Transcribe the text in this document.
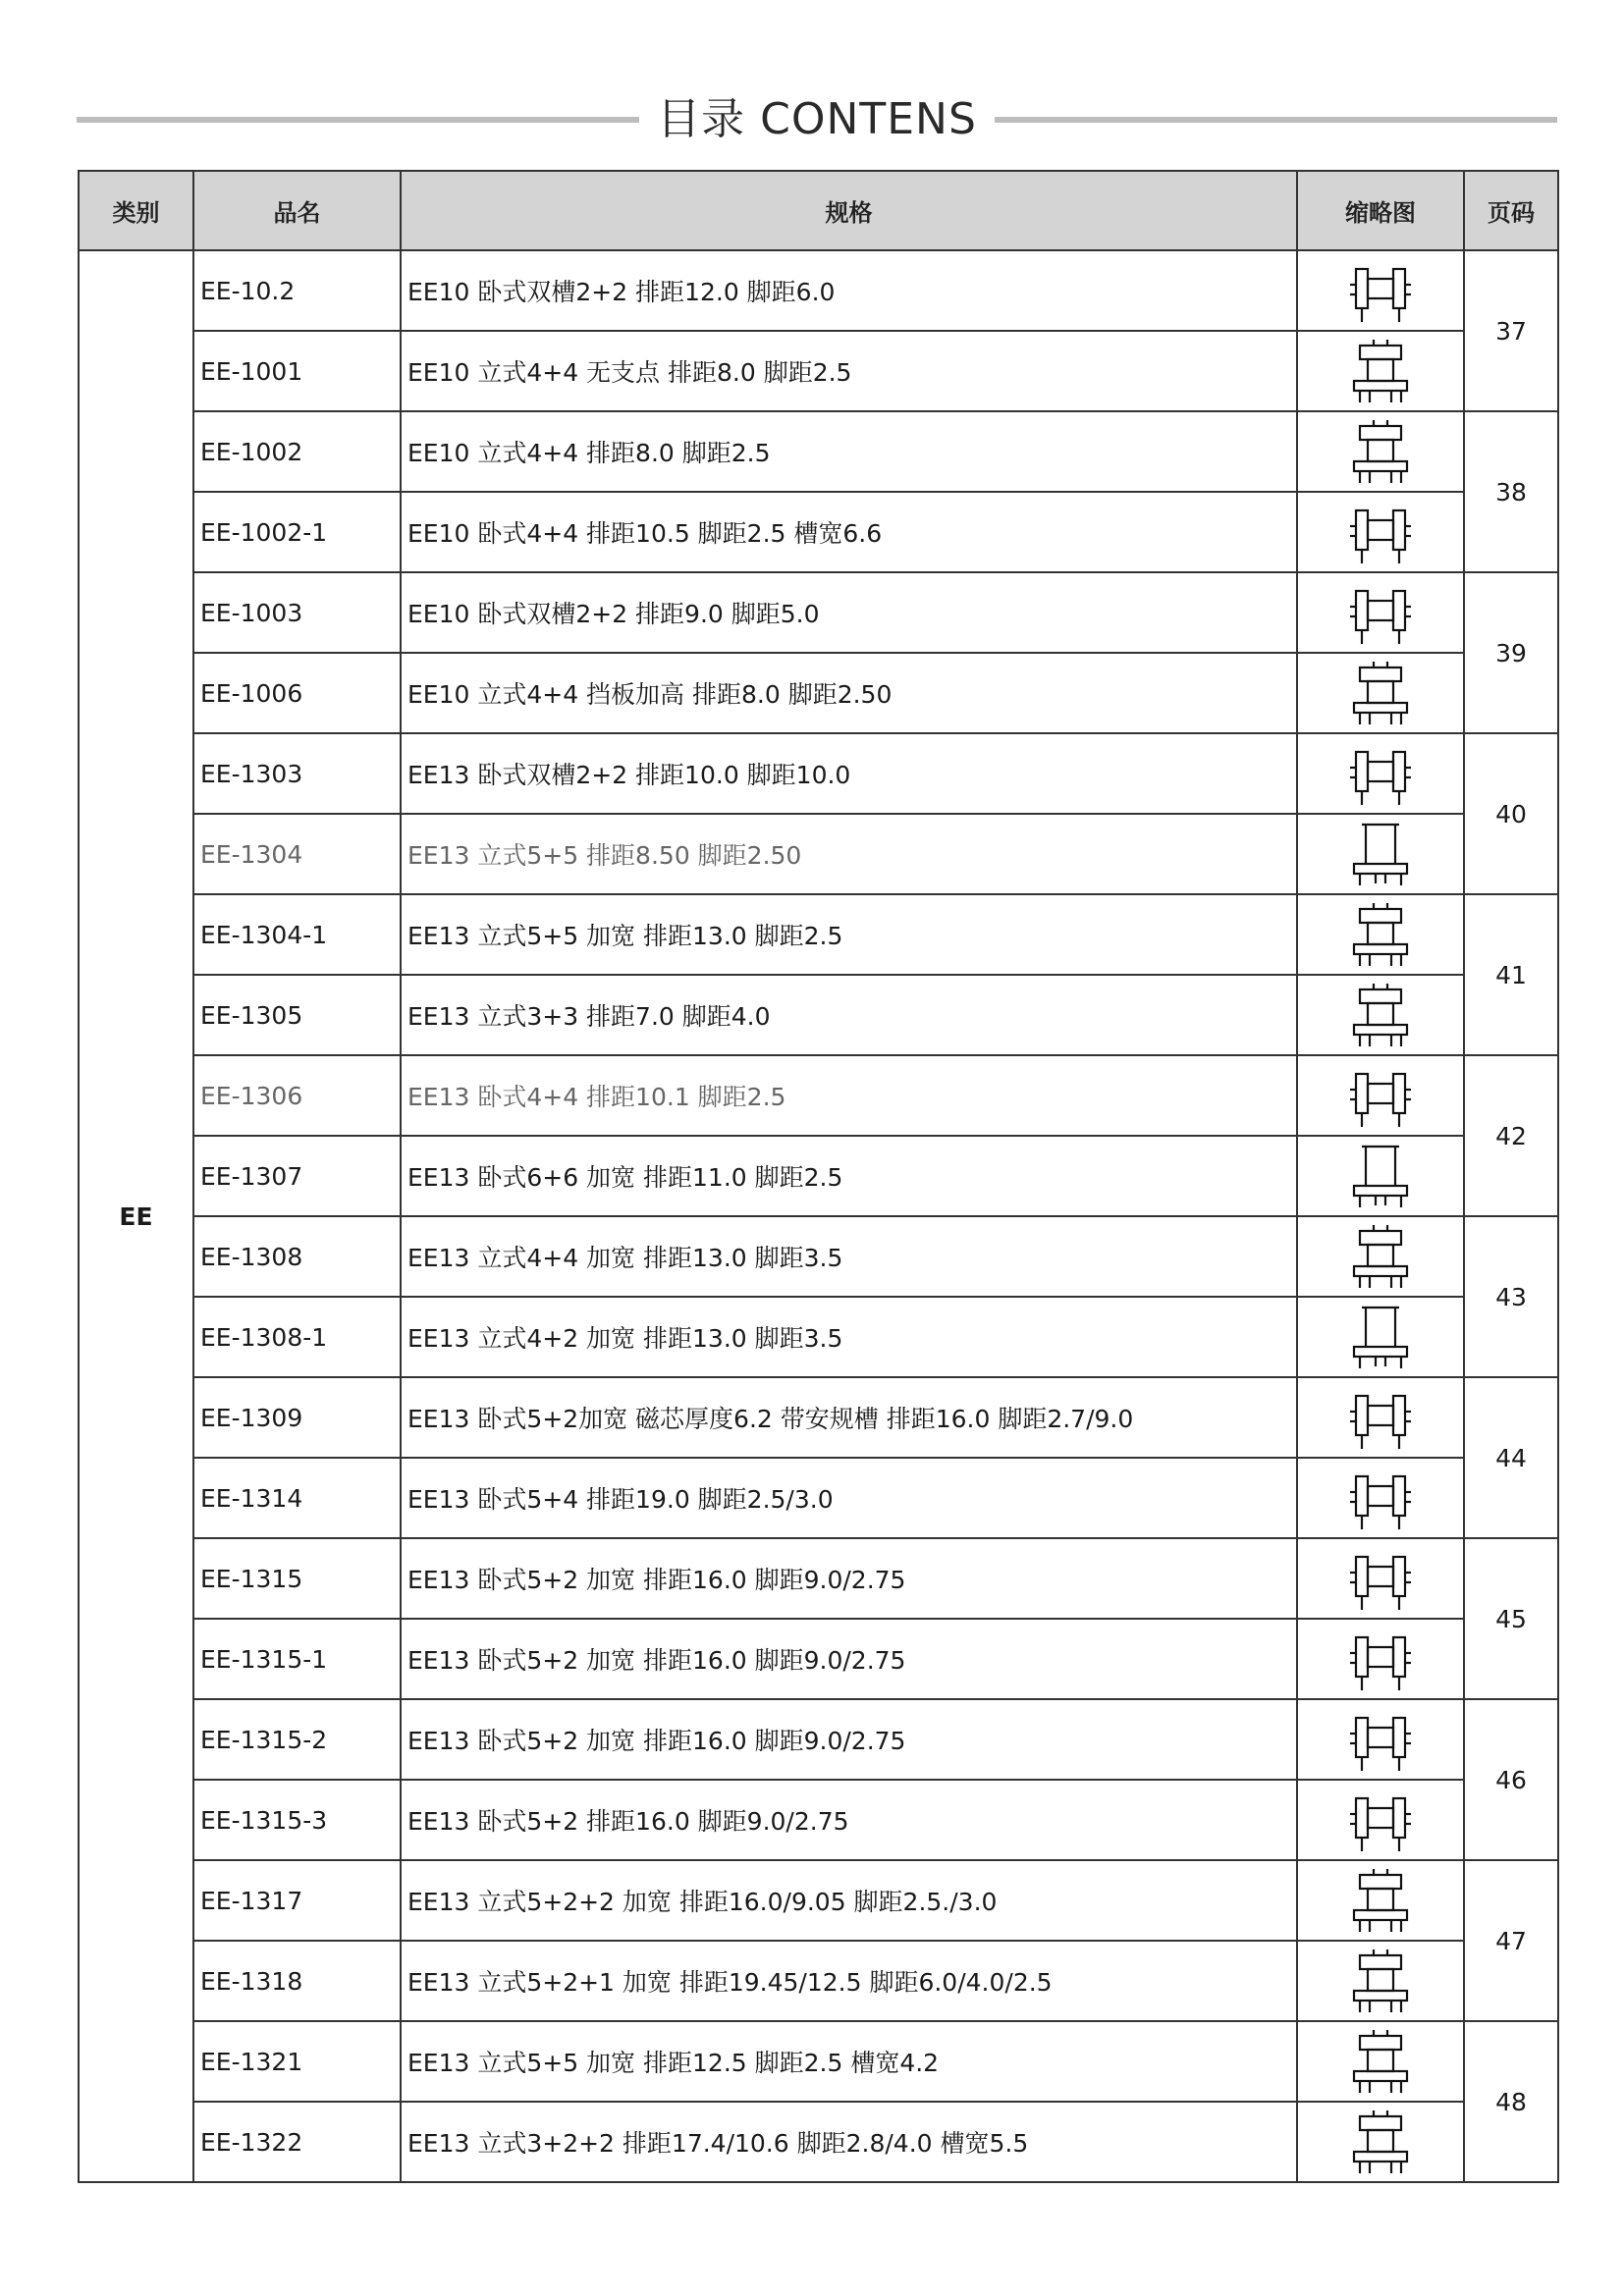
目录 CONTENS
类别	品名	规格	缩略图	页码
EE	EE-10.2	EE10 卧式双槽2+2 排距12.0 脚距6.0		37
	EE-1001	EE10 立式4+4 无支点 排距8.0 脚距2.5	

	EE-1002	EE10 立式4+4 排距8.0 脚距2.5		38
	EE-1002-1	EE10 卧式4+4 排距10.5 脚距2.5 槽宽6.6	

	EE-1003	EE10 卧式双槽2+2 排距9.0 脚距5.0		39
	EE-1006	EE10 立式4+4 挡板加高 排距8.0 脚距2.50	

	EE-1303	EE13 卧式双槽2+2 排距10.0 脚距10.0		40
	EE-1304	EE13 立式5+5 排距8.50 脚距2.50	

	EE-1304-1	EE13 立式5+5 加宽 排距13.0 脚距2.5		41
	EE-1305	EE13 立式3+3 排距7.0 脚距4.0	

	EE-1306	EE13 卧式4+4 排距10.1 脚距2.5		42
	EE-1307	EE13 卧式6+6 加宽 排距11.0 脚距2.5	

	EE-1308	EE13 立式4+4 加宽 排距13.0 脚距3.5		43
	EE-1308-1	EE13 立式4+2 加宽 排距13.0 脚距3.5	

	EE-1309	EE13 卧式5+2加宽 磁芯厚度6.2 带安规槽 排距16.0 脚距2.7/9.0		44
	EE-1314	EE13 卧式5+4 排距19.0 脚距2.5/3.0	

	EE-1315	EE13 卧式5+2 加宽 排距16.0 脚距9.0/2.75		45
	EE-1315-1	EE13 卧式5+2 加宽 排距16.0 脚距9.0/2.75	

	EE-1315-2	EE13 卧式5+2 加宽 排距16.0 脚距9.0/2.75		46
	EE-1315-3	EE13 卧式5+2 排距16.0 脚距9.0/2.75	

	EE-1317	EE13 立式5+2+2 加宽 排距16.0/9.05 脚距2.5./3.0		47
	EE-1318	EE13 立式5+2+1 加宽 排距19.45/12.5 脚距6.0/4.0/2.5	

	EE-1321	EE13 立式5+5 加宽 排距12.5 脚距2.5 槽宽4.2		48
	EE-1322	EE13 立式3+2+2 排距17.4/10.6 脚距2.8/4.0 槽宽5.5	
